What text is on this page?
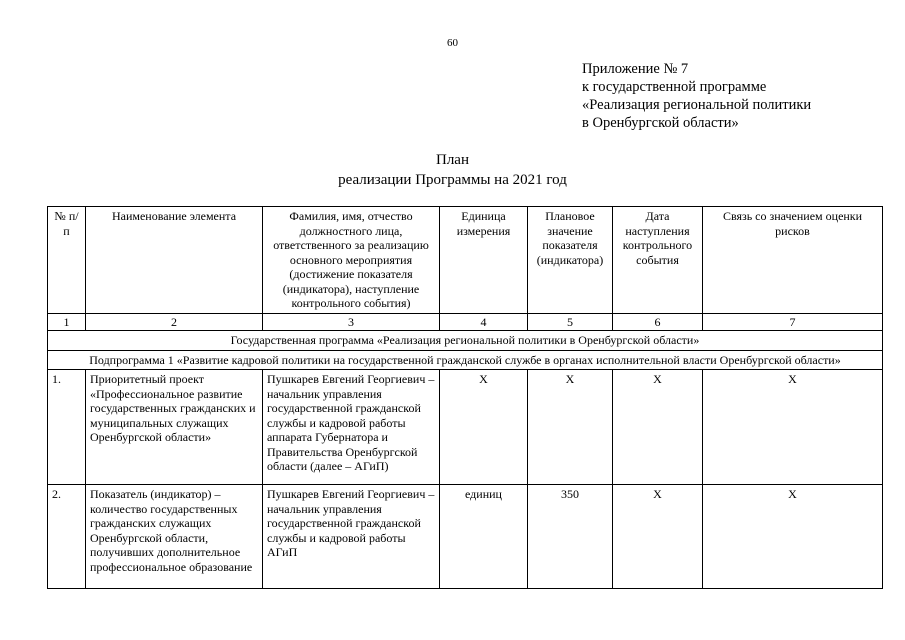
60
Приложение № 7
к государственной программе
«Реализация региональной политики
в Оренбургской области»
План
реализации Программы на 2021 год
№ п/п	Наименование элемента	Фамилия, имя, отчество должностного лица, ответственного за реализацию основного мероприятия (достижение показателя (индикатора), наступление контрольного события)	Единица измерения	Плановое значение показателя (индикатора)	Дата наступления контрольного события	Связь со значением оценки рисков
1	2	3	4	5	6	7
Государственная программа «Реализация региональной политики в Оренбургской области»						
Подпрограмма 1 «Развитие кадровой политики на государственной гражданской службе в органах исполнительной власти Оренбургской области»						
1.	Приоритетный проект «Профессиональное развитие государственных гражданских и муниципальных служащих Оренбургской области»	Пушкарев Евгений Георгиевич – начальник управления государственной гражданской службы и кадровой работы аппарата Губернатора и Правительства Оренбургской области (далее – АГиП)	X	X	X	X
2.	Показатель (индикатор) – количество государственных гражданских служащих Оренбургской области, получивших дополнительное профессиональное образование	Пушкарев Евгений Георгиевич – начальник управления государственной гражданской службы и кадровой работы АГиП	единиц	350	X	X
